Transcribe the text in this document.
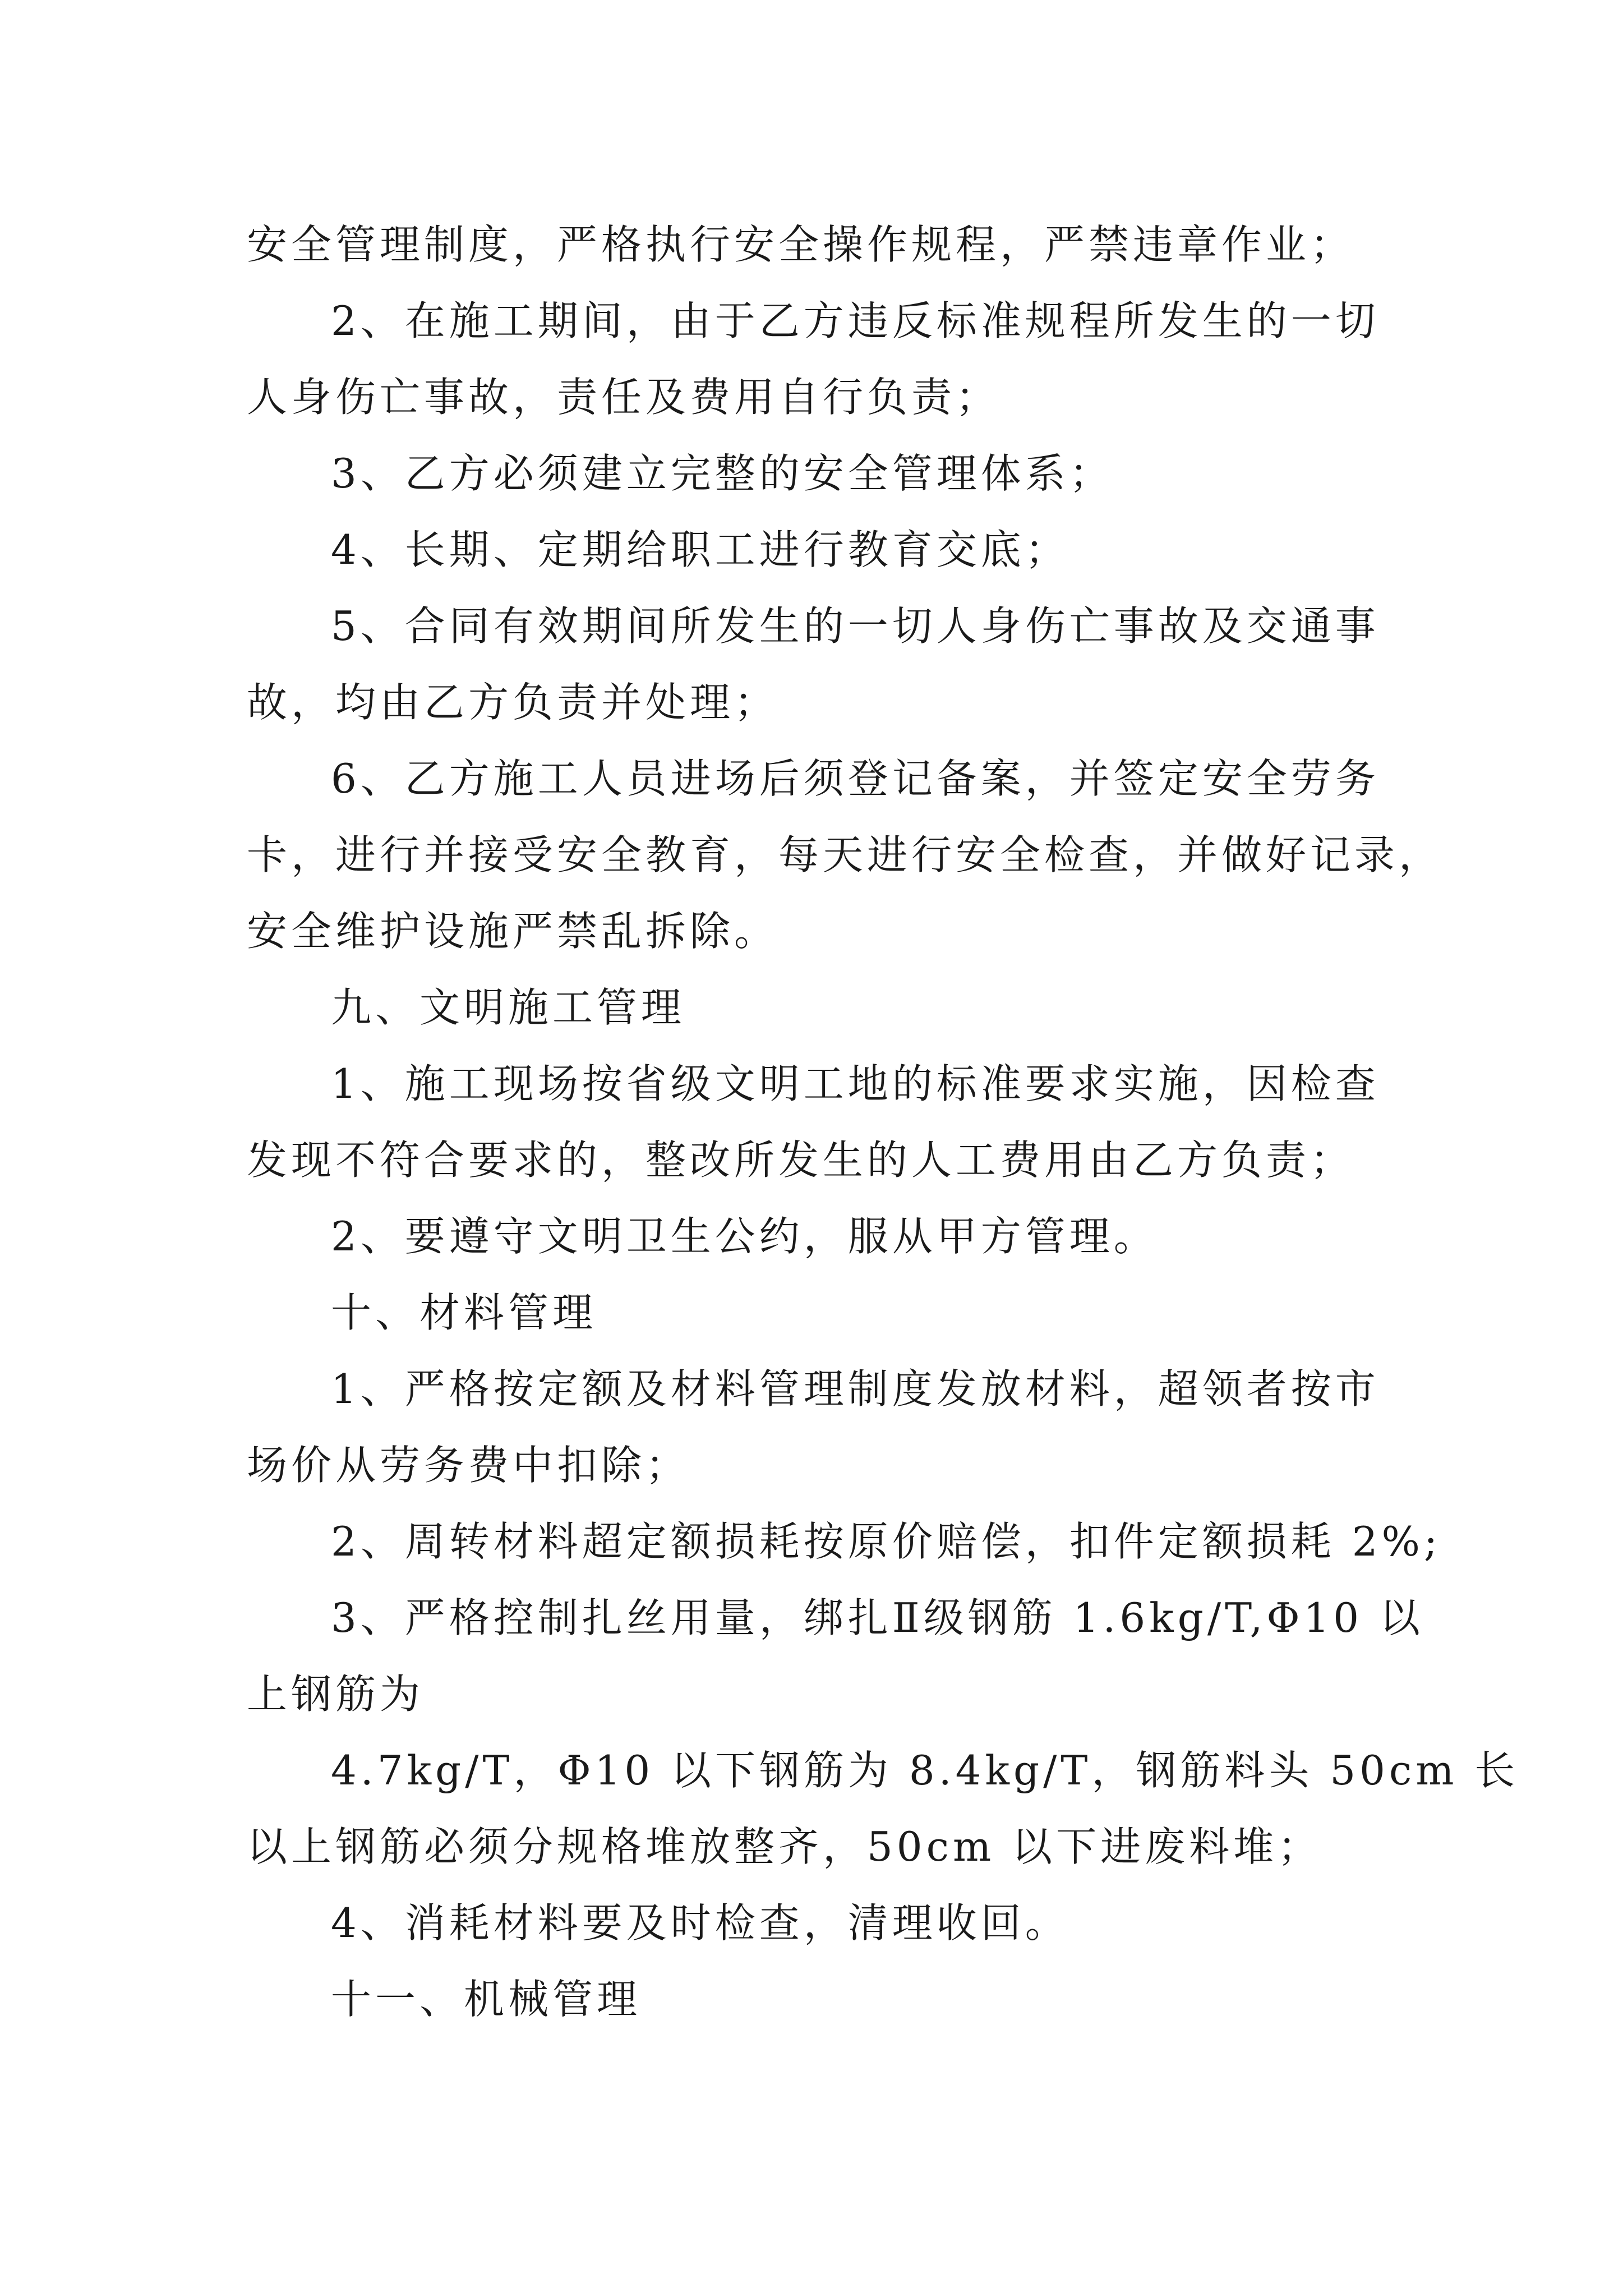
安全管理制度，严格执行安全操作规程，严禁违章作业；
2、在施工期间，由于乙方违反标准规程所发生的一切
人身伤亡事故，责任及费用自行负责；
3、乙方必须建立完整的安全管理体系；
4、长期、定期给职工进行教育交底；
5、合同有效期间所发生的一切人身伤亡事故及交通事
故，均由乙方负责并处理；
6、乙方施工人员进场后须登记备案，并签定安全劳务
卡，进行并接受安全教育，每天进行安全检查，并做好记录，
安全维护设施严禁乱拆除。
九、文明施工管理
1、施工现场按省级文明工地的标准要求实施，因检查
发现不符合要求的，整改所发生的人工费用由乙方负责；
2、要遵守文明卫生公约，服从甲方管理。
十、材料管理
1、严格按定额及材料管理制度发放材料，超领者按市
场价从劳务费中扣除；
2、周转材料超定额损耗按原价赔偿，扣件定额损耗 2%;
3、严格控制扎丝用量，绑扎Ⅱ级钢筋 1.6kg/T,Φ10 以
上钢筋为
4.7kg/T，Φ10 以下钢筋为 8.4kg/T，钢筋料头 50cm 长
以上钢筋必须分规格堆放整齐，50cm 以下进废料堆；
4、消耗材料要及时检查，清理收回。
十一、机械管理
